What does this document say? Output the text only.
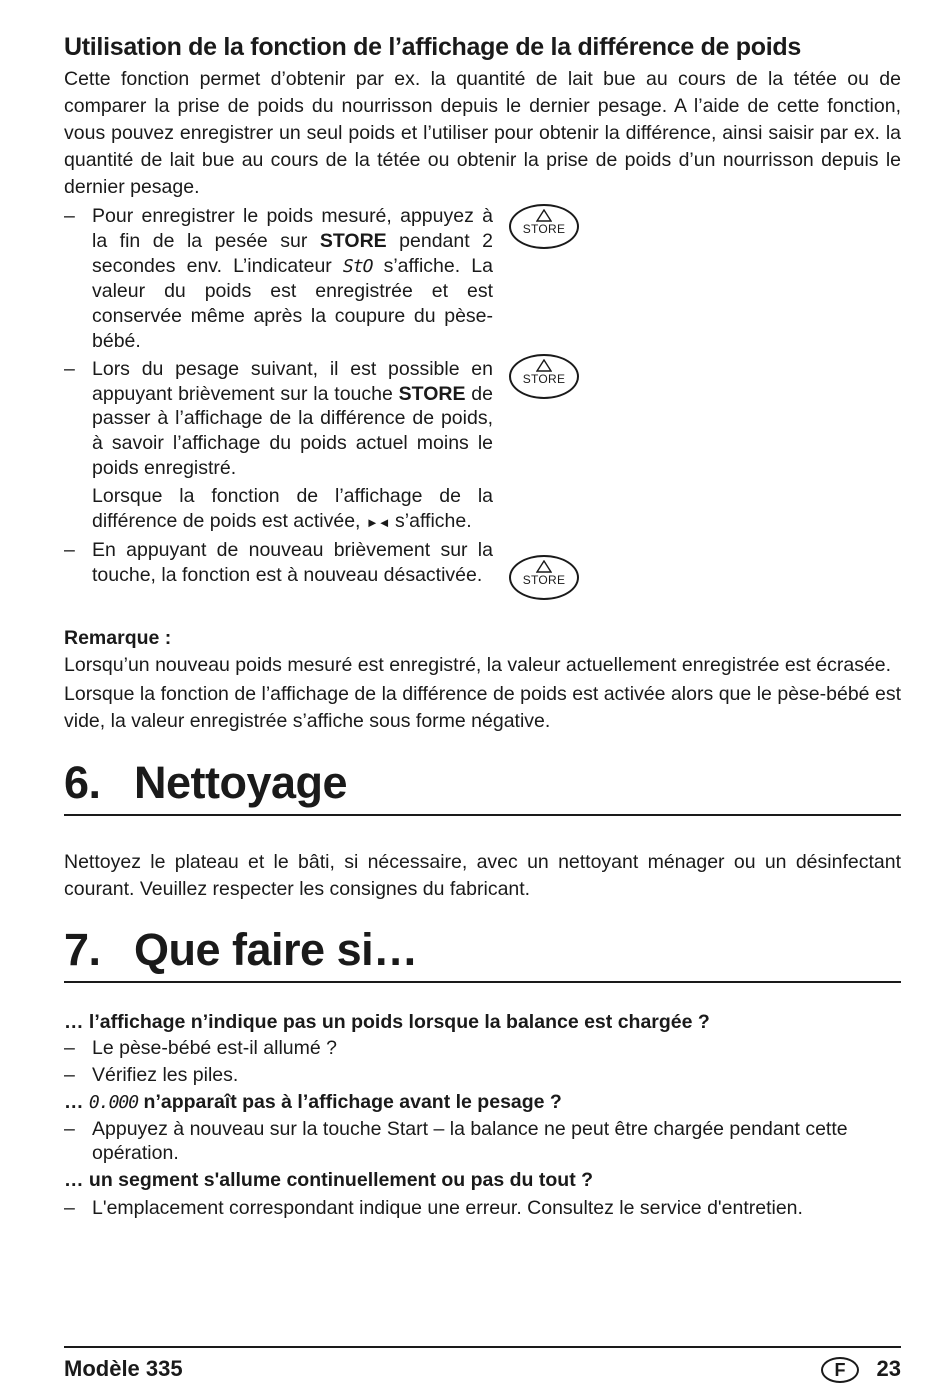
Utilisation de la fonction de l’affichage de la différence de poids

Cette fonction permet d’obtenir par ex. la quantité de lait bue au cours de la tétée ou de comparer la prise de poids du nourrisson depuis le dernier pesage. A l’aide de cette fonction, vous pouvez enregistrer un seul poids et l’utiliser pour obtenir la différence, ainsi saisir par ex. la quantité de lait bue au cours de la tétée ou obtenir la prise de poids d’un nourrisson depuis le dernier pesage.

– Pour enregistrer le poids mesuré, appuyez à la fin de la pesée sur STORE pendant 2 secondes env. L’indicateur StO s’affiche. La valeur du poids est enregistrée et est conservée même après la coupure du pèse-bébé.

– Lors du pesage suivant, il est possible en appuyant brièvement sur la touche STORE de passer à l’affichage de la différence de poids, à savoir l’affichage du poids actuel moins le poids enregistré.

Lorsque la fonction de l’affichage de la différence de poids est activée, ►◄ s’affiche.

– En appuyant de nouveau brièvement sur la touche, la fonction est à nouveau désactivée.

STORE
STORE
STORE

Remarque :

Lorsqu’un nouveau poids mesuré est enregistré, la valeur actuellement enregistrée est écrasée.

Lorsque la fonction de l’affichage de la différence de poids est activée alors que le pèse-bébé est vide, la valeur enregistrée s’affiche sous forme négative.

6. Nettoyage

Nettoyez le plateau et le bâti, si nécessaire, avec un nettoyant ménager ou un désinfectant courant. Veuillez respecter les consignes du fabricant.

7. Que faire si…

… l’affichage n’indique pas un poids lorsque la balance est chargée ?

– Le pèse-bébé est-il allumé ?

– Vérifiez les piles.

… 0.000 n’apparaît pas à l’affichage avant le pesage ?

– Appuyez à nouveau sur la touche Start – la balance ne peut être chargée pendant cette opération.

… un segment s'allume continuellement ou pas du tout ?

– L'emplacement correspondant indique une erreur. Consultez le service d'entretien.

Modèle 335	F	23
